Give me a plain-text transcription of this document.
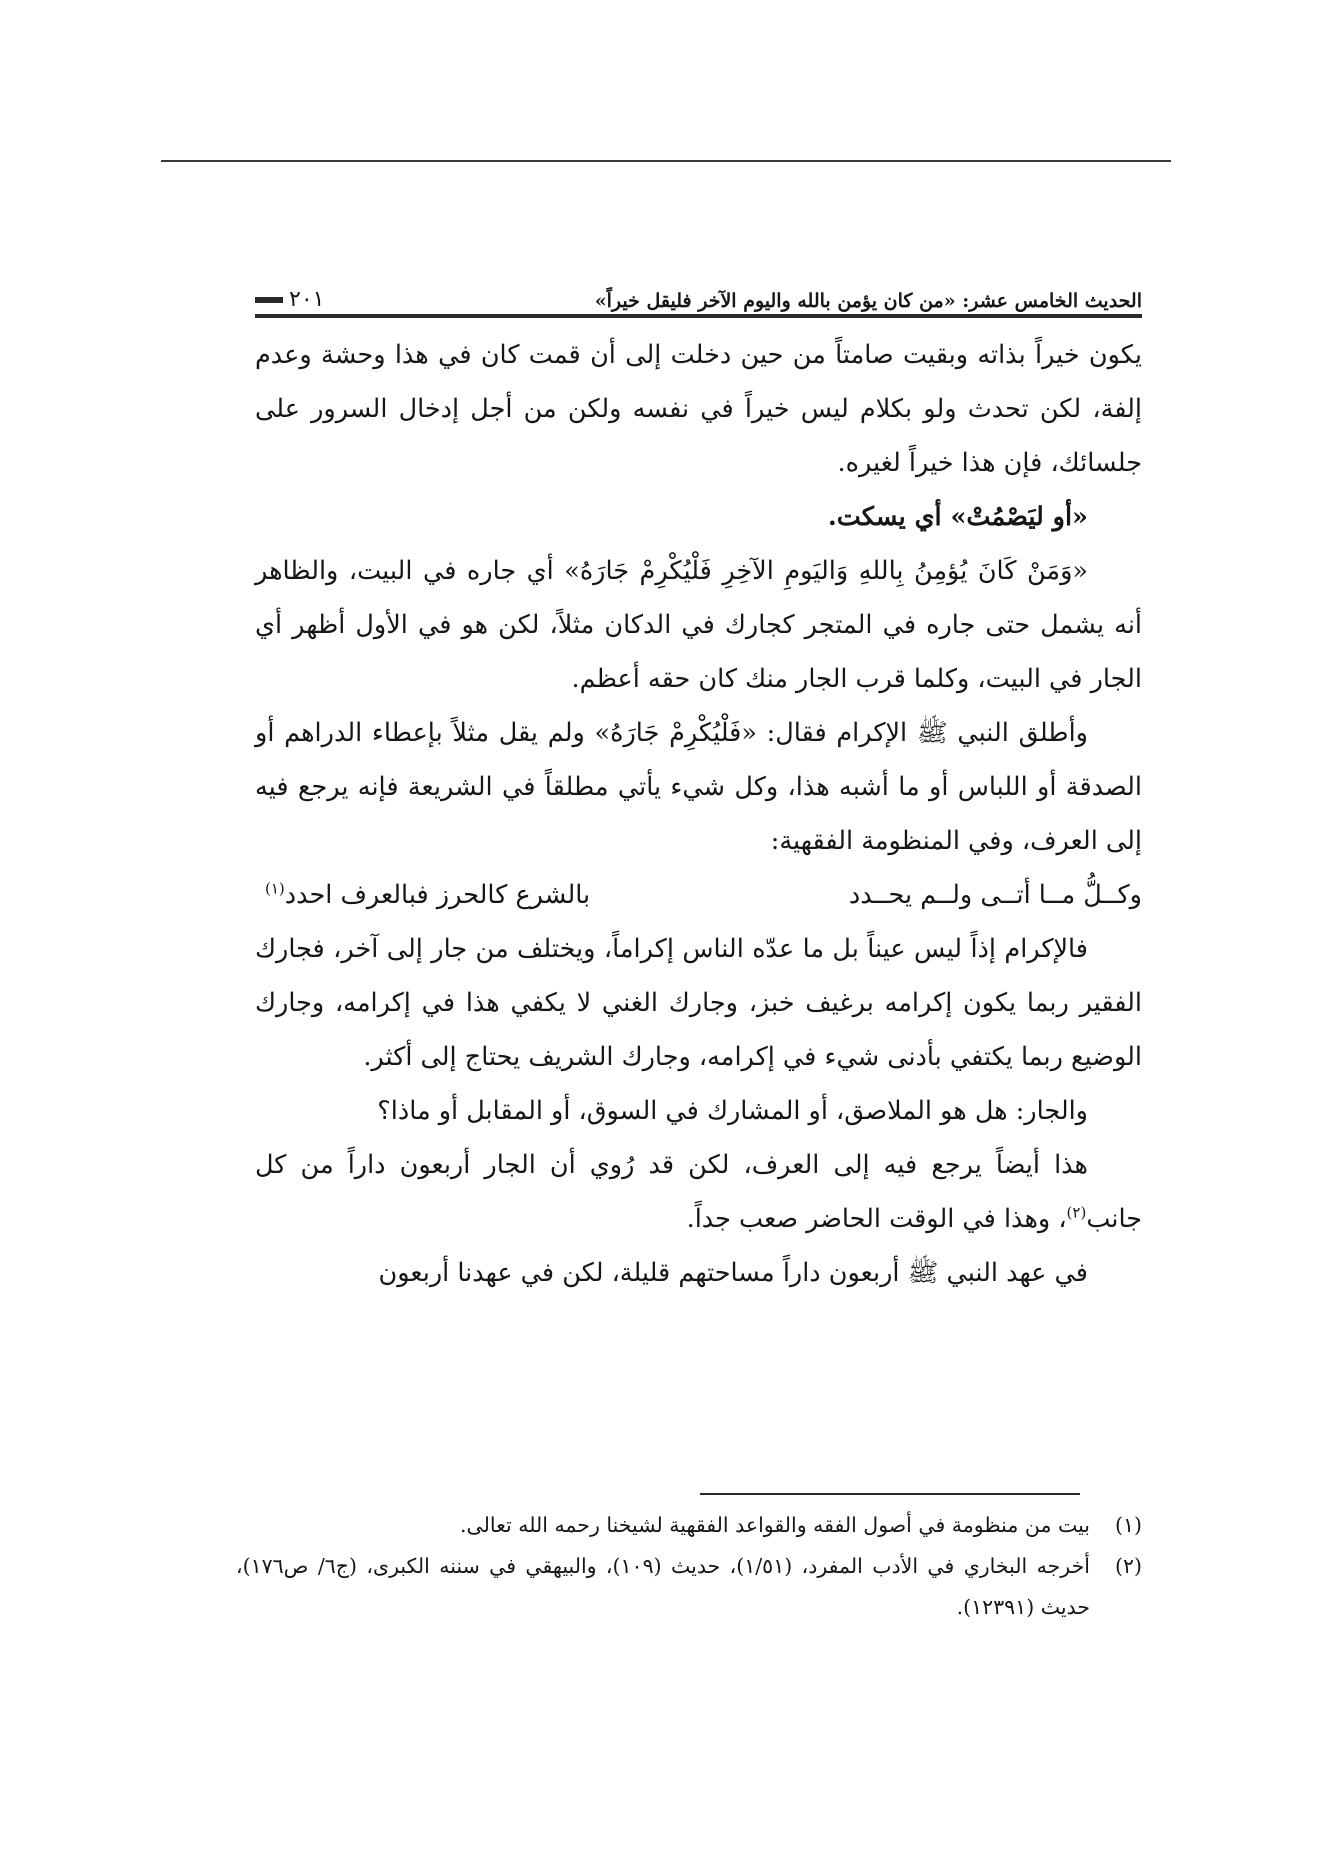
الحديث الخامس عشر: «من كان يؤمن بالله واليوم الآخر فليقل خيراً»
٢٠١

يكون خيراً بذاته وبقيت صامتاً من حين دخلت إلى أن قمت كان في هذا وحشة وعدم إلفة، لكن تحدث ولو بكلام ليس خيراً في نفسه ولكن من أجل إدخال السرور على جلسائك، فإن هذا خيراً لغيره.

«أو ليَصْمُتْ» أي يسكت.

«وَمَنْ كَانَ يُؤمِنُ بِاللهِ وَاليَومِ الآخِرِ فَلْيُكْرِمْ جَارَهُ» أي جاره في البيت، والظاهر أنه يشمل حتى جاره في المتجر كجارك في الدكان مثلاً، لكن هو في الأول أظهر أي الجار في البيت، وكلما قرب الجار منك كان حقه أعظم.

وأطلق النبي ﷺ الإكرام فقال: «فَلْيُكْرِمْ جَارَهُ» ولم يقل مثلاً بإعطاء الدراهم أو الصدقة أو اللباس أو ما أشبه هذا، وكل شيء يأتي مطلقاً في الشريعة فإنه يرجع فيه إلى العرف، وفي المنظومة الفقهية:

وكــلُّ مــا أتــى ولــم يحــدد
بالشرع كالحرز فبالعرف احدد$^{(١)}$

فالإكرام إذاً ليس عيناً بل ما عدّه الناس إكراماً، ويختلف من جار إلى آخر، فجارك الفقير ربما يكون إكرامه برغيف خبز، وجارك الغني لا يكفي هذا في إكرامه، وجارك الوضيع ربما يكتفي بأدنى شيء في إكرامه، وجارك الشريف يحتاج إلى أكثر.

والجار: هل هو الملاصق، أو المشارك في السوق، أو المقابل أو ماذا؟

هذا أيضاً يرجع فيه إلى العرف، لكن قد رُوي أن الجار أربعون داراً من كل جانب$^{(٢)}$، وهذا في الوقت الحاضر صعب جداً.

في عهد النبي ﷺ أربعون داراً مساحتهم قليلة، لكن في عهدنا أربعون

(١)
بيت من منظومة في أصول الفقه والقواعد الفقهية لشيخنا رحمه الله تعالى.
(٢)
أخرجه البخاري في الأدب المفرد، (١/٥١)، حديث (١٠٩)، والبيهقي في سننه الكبرى، (ج٦/ ص١٧٦)، حديث (١٢٣٩١).
